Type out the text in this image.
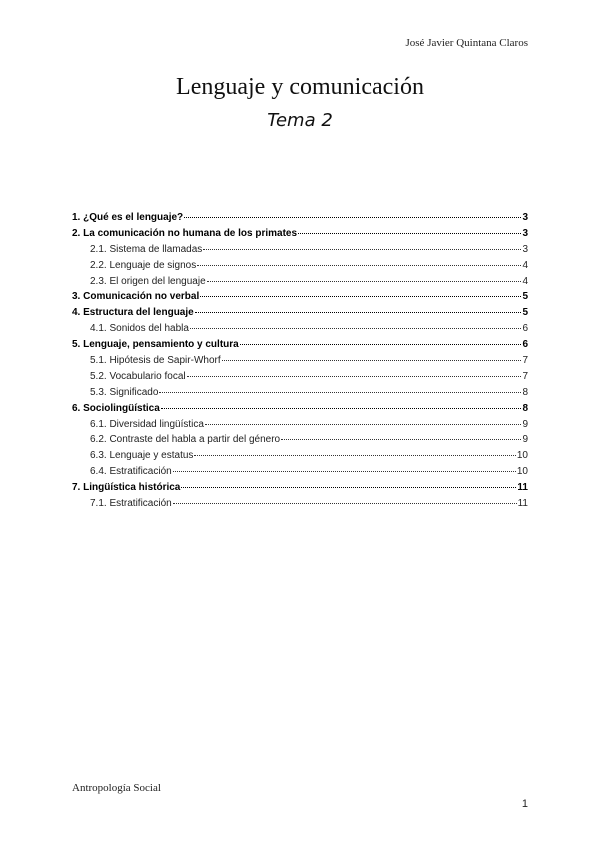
José Javier Quintana Claros
Lenguaje y comunicación
Tema 2
1. ¿Qué es el lenguaje?	3
2. La comunicación no humana de los primates	3
2.1. Sistema de llamadas	3
2.2. Lenguaje de signos	4
2.3. El origen del lenguaje	4
3. Comunicación no verbal	5
4. Estructura del lenguaje	5
4.1. Sonidos del habla	6
5. Lenguaje, pensamiento y cultura	6
5.1. Hipótesis de Sapir-Whorf	7
5.2. Vocabulario focal	7
5.3. Significado	8
6. Sociolingüística	8
6.1. Diversidad lingüística	9
6.2. Contraste del habla a partir del género	9
6.3. Lenguaje y estatus	10
6.4. Estratificación	10
7. Lingüística histórica	11
7.1. Estratificación	11
Antropología Social
1
